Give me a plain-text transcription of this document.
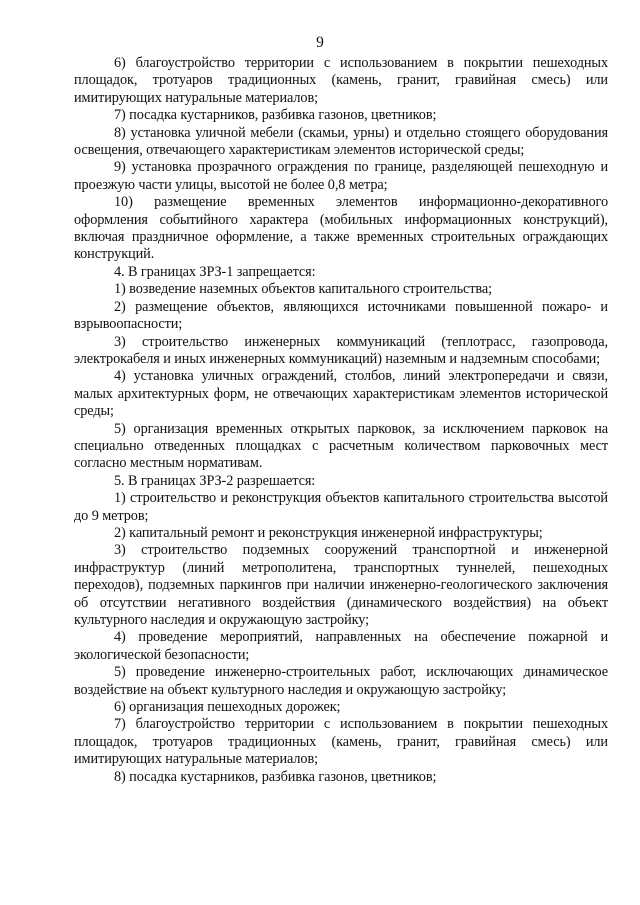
9

6) благоустройство территории с использованием в покрытии пешеходных площадок, тротуаров традиционных (камень, гранит, гравийная смесь) или имитирующих натуральные материалов;

7) посадка кустарников, разбивка газонов, цветников;

8) установка уличной мебели (скамьи, урны) и отдельно стоящего оборудования освещения, отвечающего характеристикам элементов исторической среды;

9) установка прозрачного ограждения по границе, разделяющей пешеходную и проезжую части улицы, высотой не более 0,8 метра;

10) размещение временных элементов информационно-декоративного оформления событийного характера (мобильных информационных конструкций), включая праздничное оформление, а также временных строительных ограждающих конструкций.

4. В границах ЗРЗ-1 запрещается:

1) возведение наземных объектов капитального строительства;

2) размещение объектов, являющихся источниками повышенной пожаро- и взрывоопасности;

3) строительство инженерных коммуникаций (теплотрасс, газопровода, электрокабеля и иных инженерных коммуникаций) наземным и надземным способами;

4) установка уличных ограждений, столбов, линий электропередачи и связи, малых архитектурных форм, не отвечающих характеристикам элементов исторической среды;

5) организация временных открытых парковок, за исключением парковок на специально отведенных площадках с расчетным количеством парковочных мест согласно местным нормативам.

5. В границах ЗРЗ-2 разрешается:

1) строительство и реконструкция объектов капитального строительства высотой до 9 метров;

2) капитальный ремонт и реконструкция инженерной инфраструктуры;

3) строительство подземных сооружений транспортной и инженерной инфраструктур (линий метрополитена, транспортных туннелей, пешеходных переходов), подземных паркингов при наличии инженерно-геологического заключения об отсутствии негативного воздействия (динамического воздействия) на объект культурного наследия и окружающую застройку;

4) проведение мероприятий, направленных на обеспечение пожарной и экологической безопасности;

5) проведение инженерно-строительных работ, исключающих динамическое воздействие на объект культурного наследия и окружающую застройку;

6) организация пешеходных дорожек;

7) благоустройство территории с использованием в покрытии пешеходных площадок, тротуаров традиционных (камень, гранит, гравийная смесь) или имитирующих натуральные материалов;

8) посадка кустарников, разбивка газонов, цветников;
